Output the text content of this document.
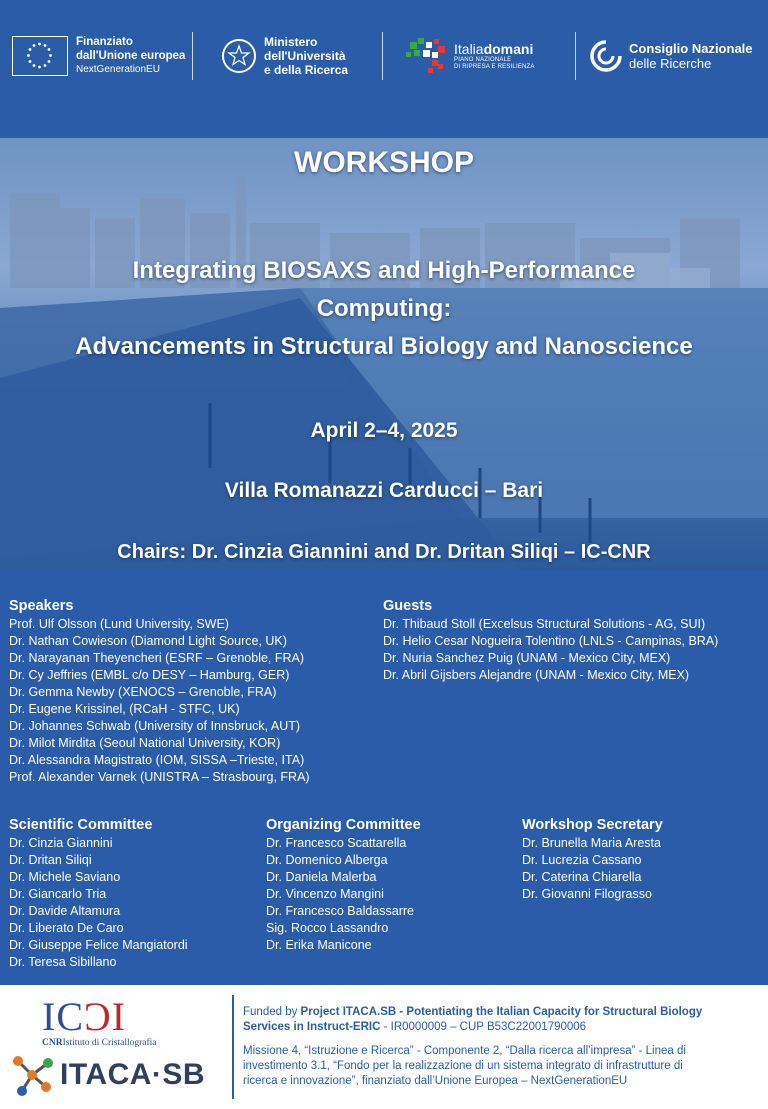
Finanziato
dall'Unione europea
NextGenerationEU
Ministero
dell'Università
e della Ricerca
Italiadomani
PIANO NAZIONALE
DI RIPRESA E RESILIENZA
Consiglio Nazionale
delle Ricerche
WORKSHOP
Integrating BIOSAXS and High-Performance
Computing:
Advancements in Structural Biology and Nanoscience
April 2–4, 2025
Villa Romanazzi Carducci – Bari
Chairs: Dr. Cinzia Giannini and Dr. Dritan Siliqi – IC-CNR
Speakers
Prof. Ulf Olsson (Lund University, SWE)
Dr. Nathan Cowieson (Diamond Light Source, UK)
Dr. Narayanan Theyencheri (ESRF – Grenoble, FRA)
Dr. Cy Jeffries (EMBL c/o DESY – Hamburg, GER)
Dr. Gemma Newby (XENOCS – Grenoble, FRA)
Dr. Eugene Krissinel, (RCaH - STFC, UK)
Dr. Johannes Schwab (University of Innsbruck, AUT)
Dr. Milot Mirdita (Seoul National University, KOR)
Dr. Alessandra Magistrato (IOM, SISSA –Trieste, ITA)
Prof. Alexander Varnek (UNISTRA – Strasbourg, FRA)
Guests
Dr. Thibaud Stoll (Excelsus Structural Solutions - AG, SUI)
Dr. Helio Cesar Nogueira Tolentino (LNLS - Campinas, BRA)
Dr. Nuria Sanchez Puig (UNAM - Mexico City, MEX)
Dr. Abril Gijsbers Alejandre (UNAM - Mexico City, MEX)
Scientific Committee
Dr. Cinzia Giannini
Dr. Dritan Siliqi
Dr. Michele Saviano
Dr. Giancarlo Tria
Dr. Davide Altamura
Dr. Liberato De Caro
Dr. Giuseppe Felice Mangiatordi
Dr. Teresa Sibillano
Organizing Committee
Dr. Francesco Scattarella
Dr. Domenico Alberga
Dr. Daniela Malerba
Dr. Vincenzo Mangini
Dr. Francesco Baldassarre
Sig. Rocco Lassandro
Dr. Erika Manicone
Workshop Secretary
Dr. Brunella Maria Aresta
Dr. Lucrezia Cassano
Dr. Caterina Chiarella
Dr. Giovanni Filograsso
ICƆI
CNRIstituto di Cristallografia
ITACA·SB
Funded by Project ITACA.SB - Potentiating the Italian Capacity for Structural Biology
Services in Instruct-ERIC - IR0000009 – CUP B53C22001790006
Missione 4, “Istruzione e Ricerca” - Componente 2, “Dalla ricerca all’impresa” - Linea di
investimento 3.1, “Fondo per la realizzazione di un sistema integrato di infrastrutture di
ricerca e innovazione”, finanziato dall’Unione Europea – NextGenerationEU
